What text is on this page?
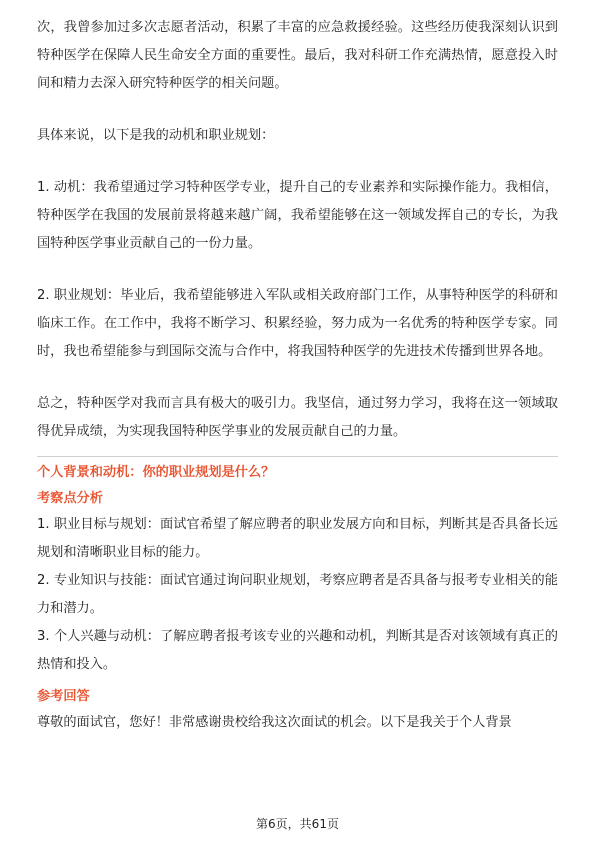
次，我曾参加过多次志愿者活动，积累了丰富的应急救援经验。这些经历使我深刻认识到特种医学在保障人民生命安全方面的重要性。最后，我对科研工作充满热情，愿意投入时间和精力去深入研究特种医学的相关问题。

具体来说，以下是我的动机和职业规划：

1. 动机：我希望通过学习特种医学专业，提升自己的专业素养和实际操作能力。我相信，特种医学在我国的发展前景将越来越广阔，我希望能够在这一领域发挥自己的专长，为我国特种医学事业贡献自己的一份力量。

2. 职业规划：毕业后，我希望能够进入军队或相关政府部门工作，从事特种医学的科研和临床工作。在工作中，我将不断学习、积累经验，努力成为一名优秀的特种医学专家。同时，我也希望能参与到国际交流与合作中，将我国特种医学的先进技术传播到世界各地。

总之，特种医学对我而言具有极大的吸引力。我坚信，通过努力学习，我将在这一领域取得优异成绩，为实现我国特种医学事业的发展贡献自己的力量。

个人背景和动机：你的职业规划是什么？

考察点分析

1. 职业目标与规划：面试官希望了解应聘者的职业发展方向和目标，判断其是否具备长远规划和清晰职业目标的能力。

2. 专业知识与技能：面试官通过询问职业规划，考察应聘者是否具备与报考专业相关的能力和潜力。

3. 个人兴趣与动机：了解应聘者报考该专业的兴趣和动机，判断其是否对该领域有真正的热情和投入。

参考回答

尊敬的面试官，您好！非常感谢贵校给我这次面试的机会。以下是我关于个人背景

第6页，共61页
